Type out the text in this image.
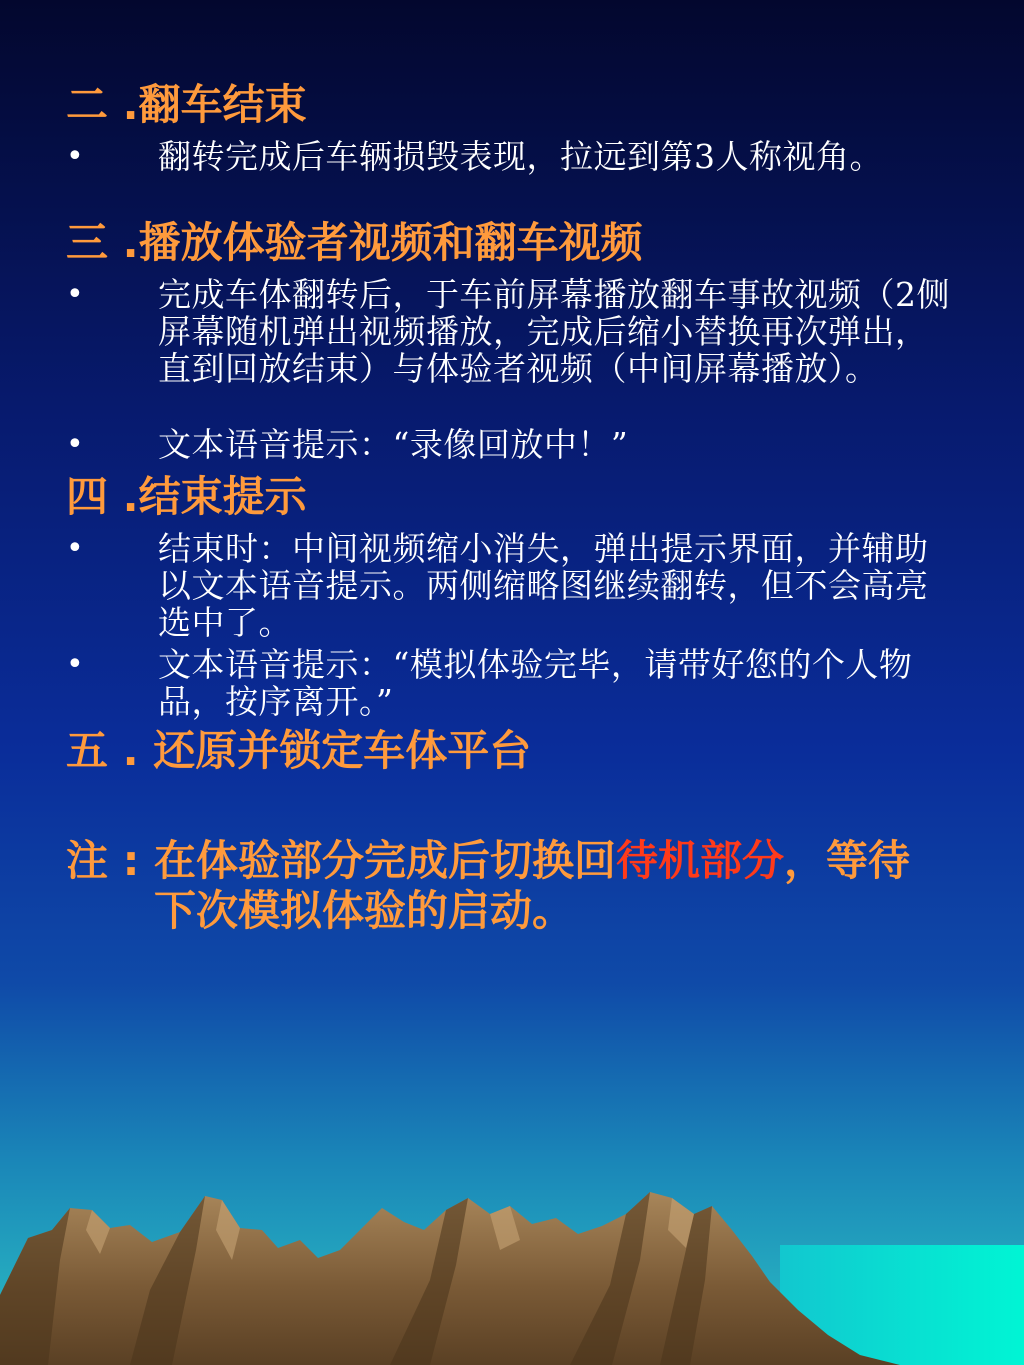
二 .翻车结束
• 翻转完成后车辆损毁表现，拉远到第3人称视角。
三 .播放体验者视频和翻车视频
• 完成车体翻转后，于车前屏幕播放翻车事故视频（2侧屏幕随机弹出视频播放，完成后缩小替换再次弹出，直到回放结束）与体验者视频（中间屏幕播放）。
• 文本语音提示：“录像回放中！”
四 .结束提示
• 结束时：中间视频缩小消失，弹出提示界面，并辅助以文本语音提示。两侧缩略图继续翻转，但不会高亮选中了。
• 文本语音提示：“模拟体验完毕，请带好您的个人物品，按序离开。”
五 . 还原并锁定车体平台
注 : 在体验部分完成后切换回待机部分，等待下次模拟体验的启动。
